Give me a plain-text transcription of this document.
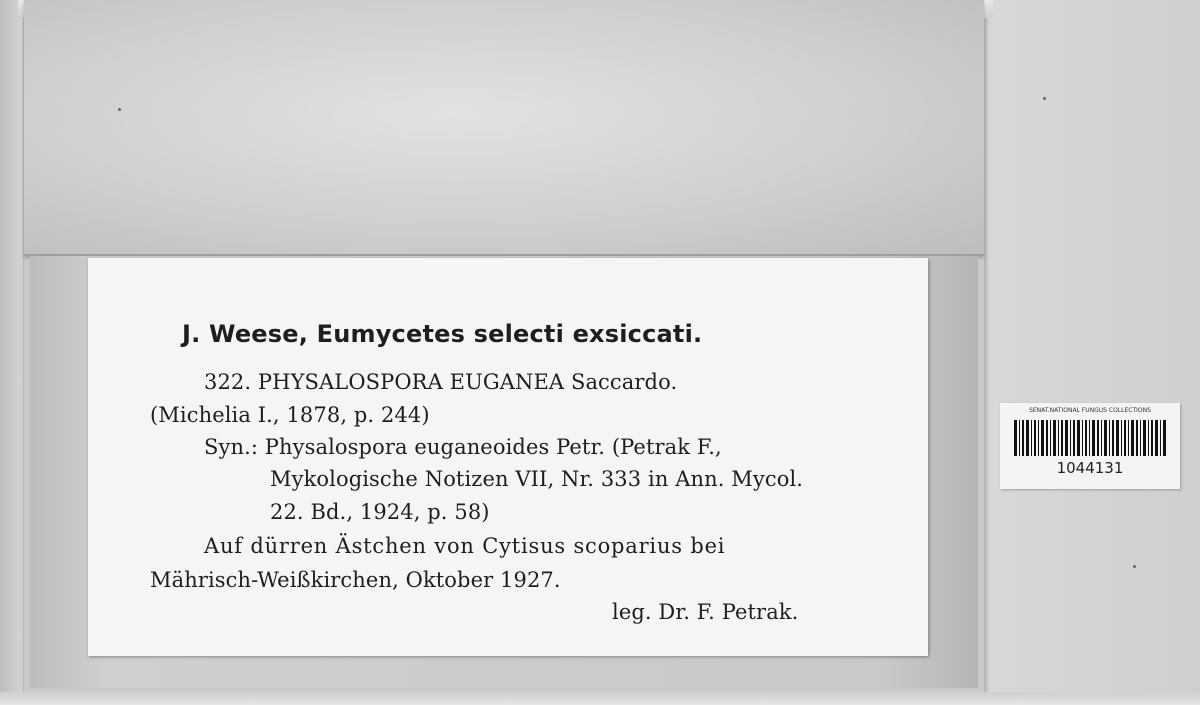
J. Weese, Eumycetes selecti exsiccati.
322. PHYSALOSPORA EUGANEA Saccardo.
(Michelia I., 1878, p. 244)
Syn.: Physalospora euganeoides Petr. (Petrak F.,
Mykologische Notizen VII, Nr. 333 in Ann. Mycol.
22. Bd., 1924, p. 58)
Auf dürren Ästchen von Cytisus scoparius bei
Mährisch-Weißkirchen, Oktober 1927.
leg. Dr. F. Petrak.
SENAT.NATIONAL FUNGUS COLLECTIONS
1044131
